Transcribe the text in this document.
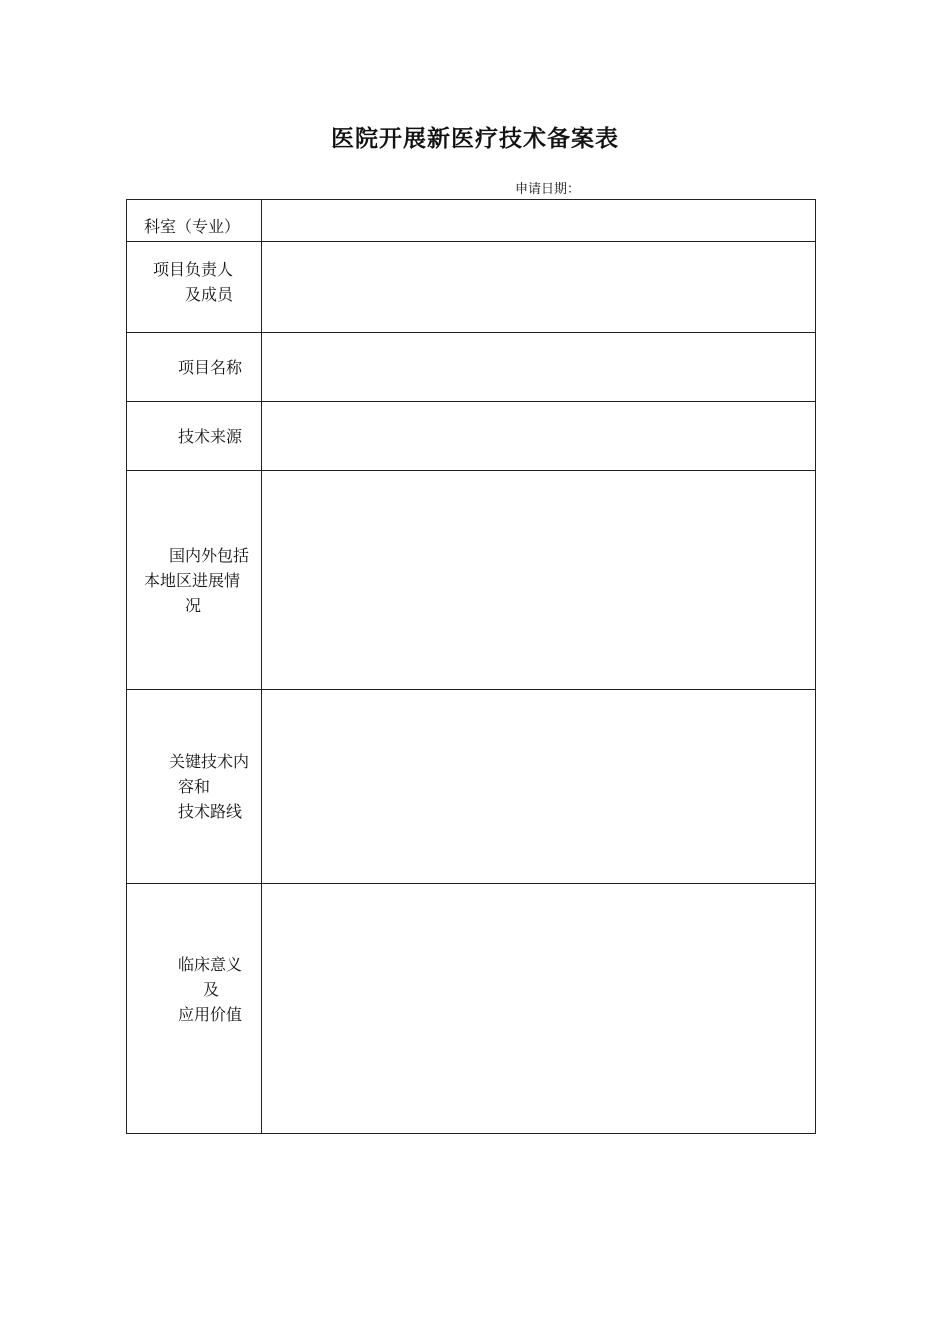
医院开展新医疗技术备案表
申请日期：
科室（专业）	

项目负责人
及成员	

项目名称	

技术来源	

国内外包括
本地区进展情
况	

关键技术内
容和
技术路线	

临床意义
及
应用价值	
